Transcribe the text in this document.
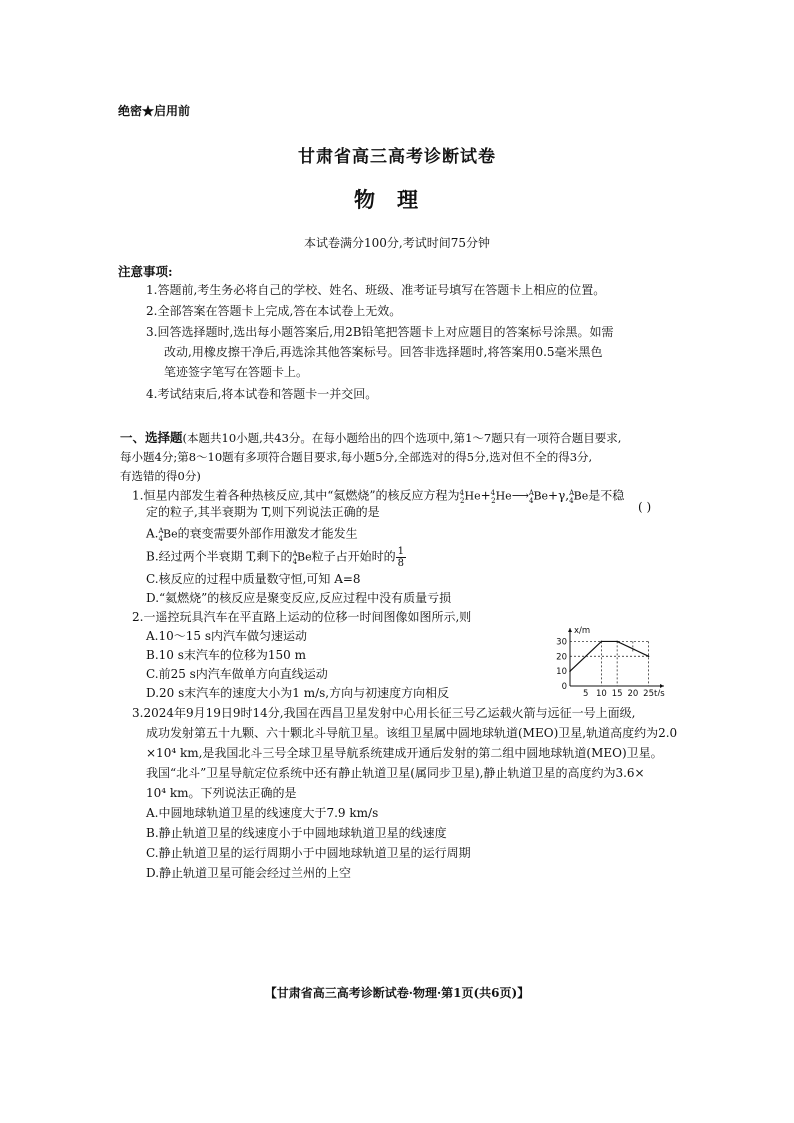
绝密★启用前
甘肃省高三高考诊断试卷
物理
本试卷满分100分,考试时间75分钟
注意事项:
1.答题前,考生务必将自己的学校、姓名、班级、准考证号填写在答题卡上相应的位置。
2.全部答案在答题卡上完成,答在本试卷上无效。
3.回答选择题时,选出每小题答案后,用2B铅笔把答题卡上对应题目的答案标号涂黑。如需
改动,用橡皮擦干净后,再选涂其他答案标号。回答非选择题时,将答案用0.5毫米黑色
笔迹签字笔写在答题卡上。
4.考试结束后,将本试卷和答题卡一并交回。
一、选择题(本题共10小题,共43分。在每小题给出的四个选项中,第1～7题只有一项符合题目要求,
每小题4分;第8～10题有多项符合题目要求,每小题5分,全部选对的得5分,选对但不全的得3分,
有选错的得0分)
1.恒星内部发生着各种热核反应,其中“氦燃烧”的核反应方程为$^4_2$He+$^4_2$He⟶$^A_4$Be+γ,$^A_4$Be是不稳
定的粒子,其半衰期为 T,则下列说法正确的是	( )
A.$^A_4$Be的衰变需要外部作用激发才能发生
B.经过两个半衰期 T,剩下的$^A_4$Be粒子占开始时的 $\frac{1}{8}$
C.核反应的过程中质量数守恒,可知 A=8
D.“氦燃烧”的核反应是聚变反应,反应过程中没有质量亏损
2.一遥控玩具汽车在平直路上运动的位移一时间图像如图所示,则
A.10～15 s内汽车做匀速运动
B.10 s末汽车的位移为150 m
C.前25 s内汽车做单方向直线运动
D.20 s末汽车的速度大小为1 m/s,方向与初速度方向相反
x/m
t/s
0
10
20
30
5 10 15 20 25
3.2024年9月19日9时14分,我国在西昌卫星发射中心用长征三号乙运载火箭与远征一号上面级,
成功发射第五十九颗、六十颗北斗导航卫星。该组卫星属中圆地球轨道(MEO)卫星,轨道高度约为2.0
×10⁴ km,是我国北斗三号全球卫星导航系统建成开通后发射的第二组中圆地球轨道(MEO)卫星。
我国“北斗”卫星导航定位系统中还有静止轨道卫星(属同步卫星),静止轨道卫星的高度约为3.6×
10⁴ km。下列说法正确的是
A.中圆地球轨道卫星的线速度大于7.9 km/s
B.静止轨道卫星的线速度小于中圆地球轨道卫星的线速度
C.静止轨道卫星的运行周期小于中圆地球轨道卫星的运行周期
D.静止轨道卫星可能会经过兰州的上空
【甘肃省高三高考诊断试卷·物理·第1页(共6页)】
